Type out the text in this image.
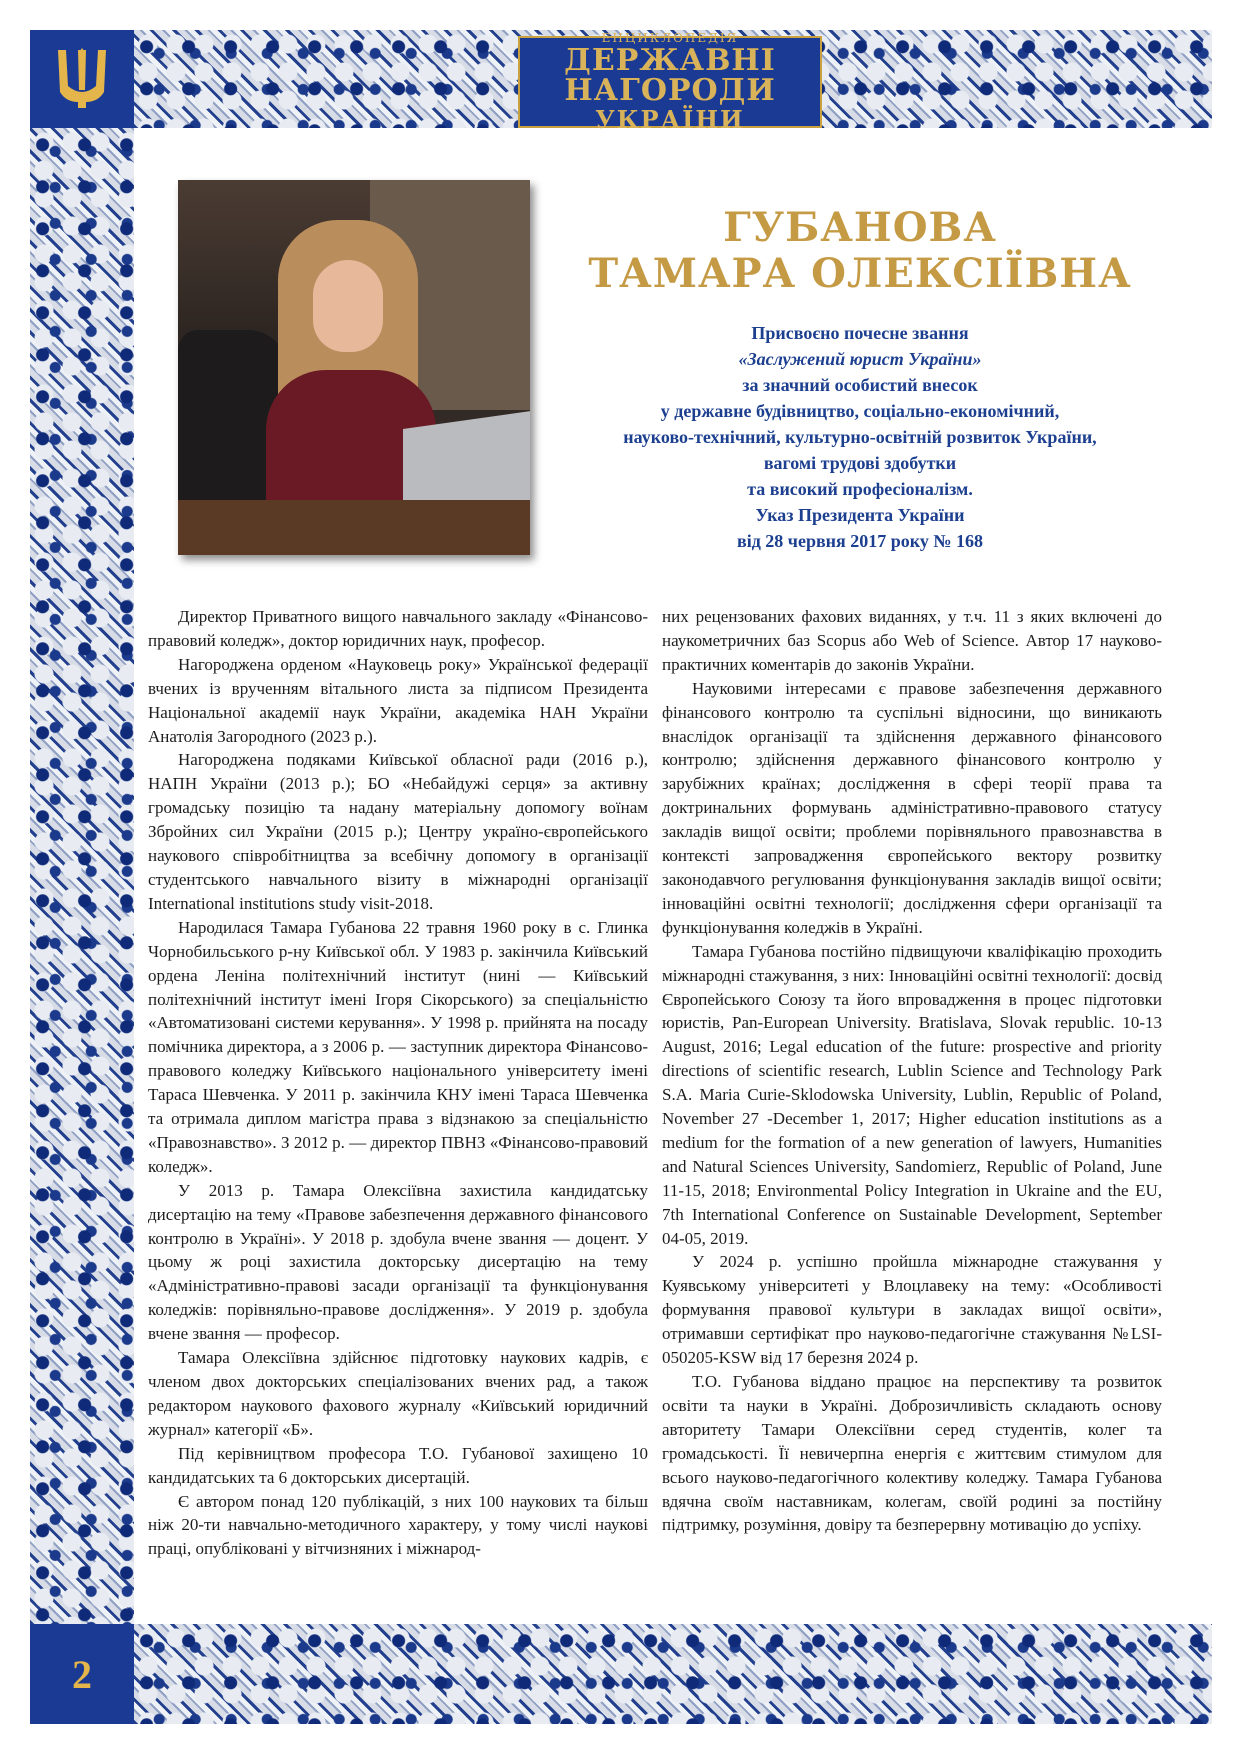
ЕНЦИКЛОПЕДІЯ
ДЕРЖАВНІ НАГОРОДИ
УКРАЇНИ
2
ГУБАНОВА
ТАМАРА ОЛЕКСІЇВНА
Присвоєно почесне звання
«Заслужений юрист України»
за значний особистий внесок
у державне будівництво, соціально-економічний,
науково-технічний, культурно-освітній розвиток України,
вагомі трудові здобутки
та високий професіоналізм.
Указ Президента України
від 28 червня 2017 року № 168

Директор Приватного вищого навчального закладу «Фінансово-правовий коледж», доктор юридичних наук, професор.

Нагороджена орденом «Науковець року» Української федерації вчених із врученням вітального листа за підписом Президента Національної академії наук України, академіка НАН України Анатолія Загородного (2023 р.).

Нагороджена подяками Київської обласної ради (2016 р.), НАПН України (2013 р.); БО «Небайдужі серця» за активну громадську позицію та надану матеріальну допомогу воїнам Збройних сил України (2015 р.); Центру україно-європейського наукового співробітництва за всебічну допомогу в організації студентського навчального візиту в міжнародні організації International institutions study visit-2018.

Народилася Тамара Губанова 22 травня 1960 року в с. Глинка Чорнобильського р-ну Київської обл. У 1983 р. закінчила Київський ордена Леніна політехнічний інститут (нині — Київський політехнічний інститут імені Ігоря Сікорського) за спеціальністю «Автоматизовані системи керування». У 1998 р. прийнята на посаду помічника директора, а з 2006 р. — заступник директора Фінансово-правового коледжу Київського національного університету імені Тараса Шевченка. У 2011 р. закінчила КНУ імені Тараса Шевченка та отримала диплом магістра права з відзнакою за спеціальністю «Правознавство». З 2012 р. — директор ПВНЗ «Фінансово-правовий коледж».

У 2013 р. Тамара Олексіївна захистила кандидатську дисертацію на тему «Правове забезпечення державного фінансового контролю в Україні». У 2018 р. здобула вчене звання — доцент. У цьому ж році захистила докторську дисертацію на тему «Адміністративно-правові засади організації та функціонування коледжів: порівняльно-правове дослідження». У 2019 р. здобула вчене звання — професор.

Тамара Олексіївна здійснює підготовку наукових кадрів, є членом двох докторських спеціалізованих вчених рад, а також редактором наукового фахового журналу «Київський юридичний журнал» категорії «Б».

Під керівництвом професора Т.О. Губанової захищено 10 кандидатських та 6 докторських дисертацій.

Є автором понад 120 публікацій, з них 100 наукових та більш ніж 20-ти навчально-методичного характеру, у тому числі наукові праці, опубліковані у вітчизняних і міжнарод-

них рецензованих фахових виданнях, у т.ч. 11 з яких включені до наукометричних баз Scopus або Web of Science. Автор 17 науково-практичних коментарів до законів України.

Науковими інтересами є правове забезпечення державного фінансового контролю та суспільні відносини, що виникають внаслідок організації та здійснення державного фінансового контролю; здійснення державного фінансового контролю у зарубіжних країнах; дослідження в сфері теорії права та доктринальних формувань адміністративно-правового статусу закладів вищої освіти; проблеми порівняльного правознавства в контексті запровадження європейського вектору розвитку законодавчого регулювання функціонування закладів вищої освіти; інноваційні освітні технології; дослідження сфери організації та функціонування коледжів в Україні.

Тамара Губанова постійно підвищуючи кваліфікацію проходить міжнародні стажування, з них: Інноваційні освітні технології: досвід Європейського Союзу та його впровадження в процес підготовки юристів, Pan-European University. Bratislava, Slovak republic. 10-13 August, 2016; Legal education of the future: prospective and priority directions of scientific research, Lublin Science and Technology Park S.A. Maria Curie-Sklodowska University, Lublin, Republic of Poland, November 27 -December 1, 2017; Higher education institutions as a medium for the formation of a new generation of lawyers, Humanities and Natural Sciences University, Sandomierz, Republic of Poland, June 11-15, 2018; Environmental Policy Integration in Ukraine and the EU, 7th International Conference on Sustainable Development, September 04-05, 2019.

У 2024 р. успішно пройшла міжнародне стажування у Куявському університеті у Влоцлавеку на тему: «Особливості формування правової культури в закладах вищої освіти», отримавши сертифікат про науково-педагогічне стажування №LSI-050205-KSW від 17 березня 2024 р.

Т.О. Губанова віддано працює на перспективу та розвиток освіти та науки в Україні. Доброзичливість складають основу авторитету Тамари Олексіївни серед студентів, колег та громадськості. Її невичерпна енергія є життєвим стимулом для всього науково-педагогічного колективу коледжу. Тамара Губанова вдячна своїм наставникам, колегам, своїй родині за постійну підтримку, розуміння, довіру та безперервну мотивацію до успіху.
